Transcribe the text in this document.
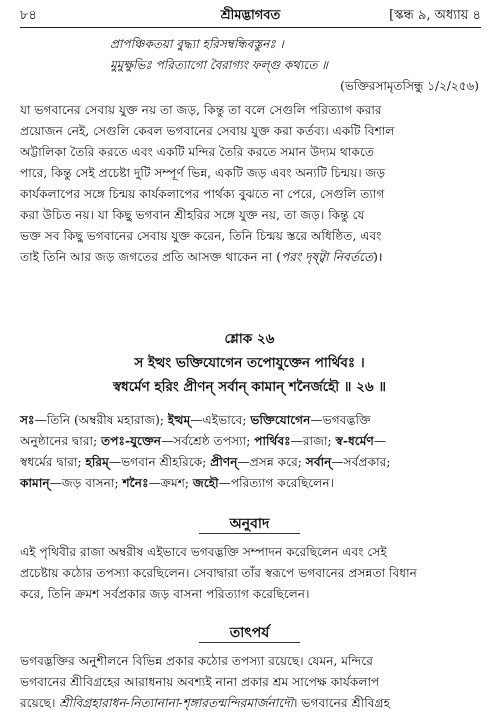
৮৪	শ্রীমদ্ভাগবত	[স্কন্ধ ৯, অধ্যায় ৪
প্রাপঞ্চিকতয়া বুদ্ধ্যা হরিসম্বন্ধিবস্তুনঃ ।
মুমুক্ষুভিঃ পরিত্যাগো বৈরাগ্যং ফল্গু কথ্যতে ॥
(ভক্তিরসামৃতসিন্ধু ১/২/২৫৬)
যা ভগবানের সেবায় যুক্ত নয় তা জড়, কিন্তু তা বলে সেগুলি পরিত্যাগ করার
প্রয়োজন নেই, সেগুলি কেবল ভগবানের সেবায় যুক্ত করা কর্তব্য। একটি বিশাল
অট্টালিকা তৈরি করতে এবং একটি মন্দির তৈরি করতে সমান উদ্যম থাকতে
পারে, কিন্তু সেই প্রচেষ্টা দুটি সম্পূর্ণ ভিন্ন, একটি জড় এবং অন্যটি চিন্ময়। জড়
কার্যকলাপের সঙ্গে চিন্ময় কার্যকলাপের পার্থক্য বুঝতে না পেরে, সেগুলি ত্যাগ
করা উচিত নয়। যা কিছু ভগবান শ্রীহরির সঙ্গে যুক্ত নয়, তা জড়। কিন্তু যে
ভক্ত সব কিছু ভগবানের সেবায় যুক্ত করেন, তিনি চিন্ময় স্তরে অধিষ্ঠিত, এবং
তাই তিনি আর জড় জগতের প্রতি আসক্ত থাকেন না (পরং দৃষ্ট্বা নিবর্ততে)।
শ্লোক ২৬
স ইত্থং ভক্তিযোগেন তপোযুক্তেন পার্থিবঃ ।
স্বধর্মেণ হরিং প্রীণন্ সর্বান্ কামান্ শনৈর্জহৌ ॥ ২৬ ॥
সঃ—তিনি (অম্বরীষ মহারাজ); ইত্থম্—এইভাবে; ভক্তিযোগেন—ভগবদ্ভক্তি
অনুষ্ঠানের দ্বারা; তপঃ-যুক্তেন—সর্বশ্রেষ্ঠ তপস্যা; পার্থিবঃ—রাজা; স্ব-ধর্মেণ—
স্বধর্মের দ্বারা; হরিম্—ভগবান শ্রীহরিকে; প্রীণন্—প্রসন্ন করে; সর্বান্—সর্বপ্রকার;
কামান্—জড় বাসনা; শনৈঃ—ক্রমশ; জহৌ—পরিত্যাগ করেছিলেন।
অনুবাদ
এই পৃথিবীর রাজা অম্বরীষ এইভাবে ভগবদ্ভক্তি সম্পাদন করেছিলেন এবং সেই
প্রচেষ্টায় কঠোর তপস্যা করেছিলেন। সেবাদ্বারা তাঁর স্বরূপে ভগবানের প্রসন্নতা বিধান
করে, তিনি ক্রমশ সর্বপ্রকার জড় বাসনা পরিত্যাগ করেছিলেন।
তাৎপর্য
ভগবদ্ভক্তির অনুশীলনে বিভিন্ন প্রকার কঠোর তপস্যা রয়েছে। যেমন, মন্দিরে
ভগবানের শ্রীবিগ্রহের আরাধনায় অবশ্যই নানা প্রকার শ্রম সাপেক্ষ কার্যকলাপ
রয়েছে। শ্রীবিগ্রহারাধন-নিত্যানানা-শৃঙ্গারতন্মন্দিরমার্জনাদৌ। ভগবানের শ্রীবিগ্রহ
